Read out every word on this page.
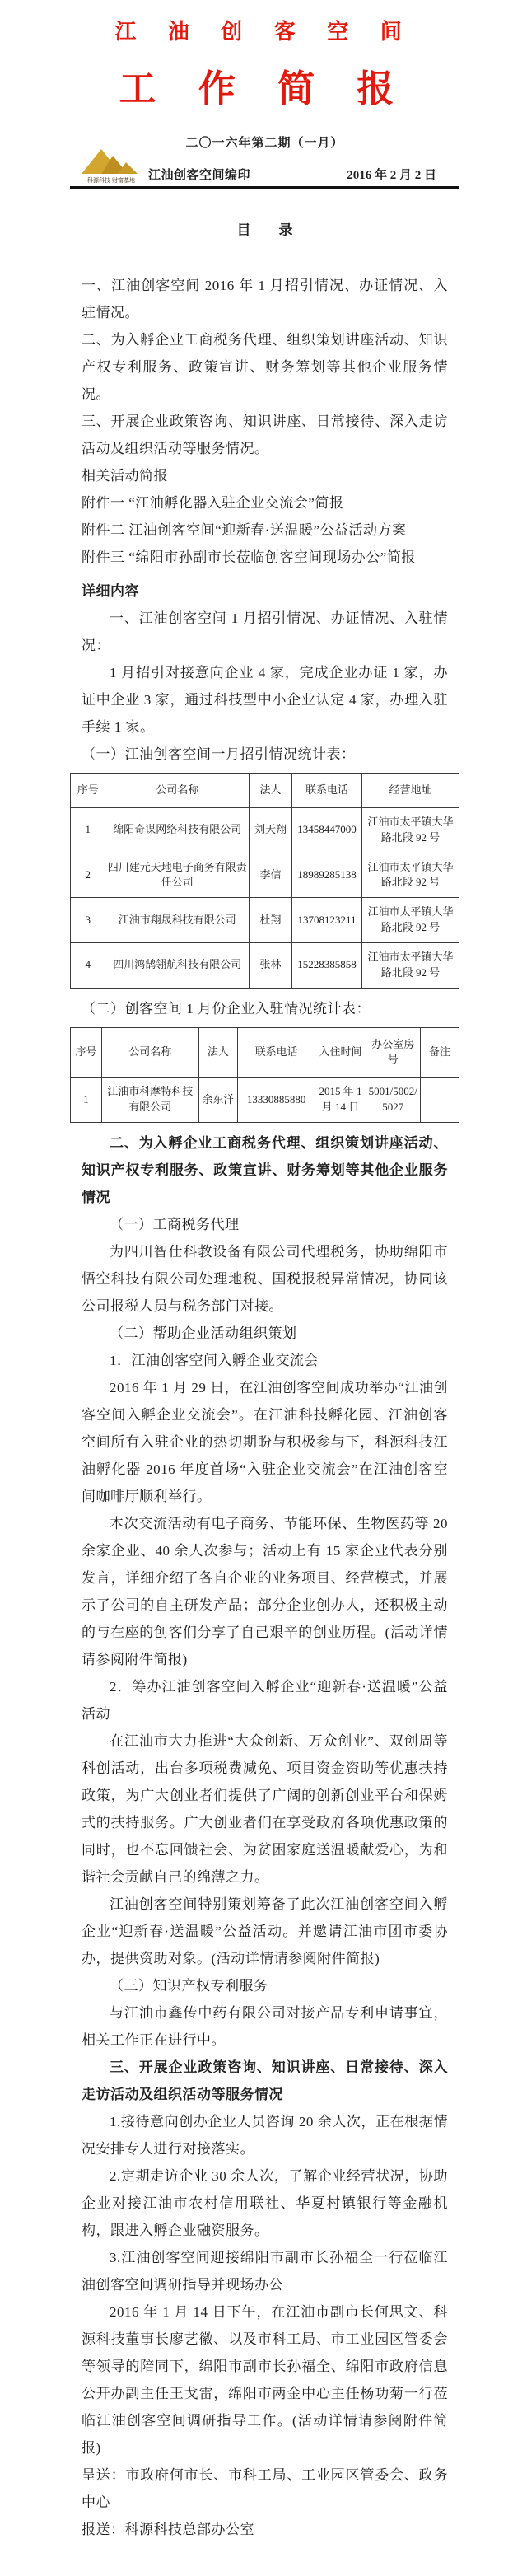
江 油 创 客 空 间
工 作 简 报
二〇一六年第二期（一月）
科源科技 财富基地	江油创客空间编印	2016 年 2 月 2 日
目　　录

一、江油创客空间 2016 年 1 月招引情况、办证情况、入驻情况。

二、为入孵企业工商税务代理、组织策划讲座活动、知识产权专利服务、政策宣讲、财务筹划等其他企业服务情况。

三、开展企业政策咨询、知识讲座、日常接待、深入走访活动及组织活动等服务情况。

相关活动简报

附件一 “江油孵化器入驻企业交流会”简报

附件二 江油创客空间“迎新春·送温暖”公益活动方案

附件三 “绵阳市孙副市长莅临创客空间现场办公”简报

详细内容

一、江油创客空间 1 月招引情况、办证情况、入驻情况：

1 月招引对接意向企业 4 家，完成企业办证 1 家，办证中企业 3 家，通过科技型中小企业认定 4 家，办理入驻手续 1 家。

（一）江油创客空间一月招引情况统计表：

序号	公司名称	法人	联系电话	经营地址
1	绵阳奇谋网络科技有限公司	刘天翔	13458447000	江油市太平镇大华路北段 92 号
2	四川建元天地电子商务有限责任公司	李信	18989285138	江油市太平镇大华路北段 92 号
3	江油市翔晟科技有限公司	杜翔	13708123211	江油市太平镇大华路北段 92 号
4	四川鸿鹄翎航科技有限公司	张林	15228385858	江油市太平镇大华路北段 92 号

（二）创客空间 1 月份企业入驻情况统计表：

序号	公司名称	法人	联系电话	入住时间	办公室房号	备注
1	江油市科摩特科技有限公司	余东洋	13330885880	2015 年 1 月 14 日	5001/5002/5027	

二、为入孵企业工商税务代理、组织策划讲座活动、知识产权专利服务、政策宣讲、财务筹划等其他企业服务情况

（一）工商税务代理

为四川智仕科教设备有限公司代理税务，协助绵阳市悟空科技有限公司处理地税、国税报税异常情况，协同该公司报税人员与税务部门对接。

（二）帮助企业活动组织策划

1．江油创客空间入孵企业交流会

2016 年 1 月 29 日，在江油创客空间成功举办“江油创客空间入孵企业交流会”。在江油科技孵化园、江油创客空间所有入驻企业的热切期盼与积极参与下，科源科技江油孵化器 2016 年度首场“入驻企业交流会”在江油创客空间咖啡厅顺利举行。

本次交流活动有电子商务、节能环保、生物医药等 20 余家企业、40 余人次参与；活动上有 15 家企业代表分别发言，详细介绍了各自企业的业务项目、经营模式，并展示了公司的自主研发产品；部分企业创办人，还积极主动的与在座的创客们分享了自己艰辛的创业历程。(活动详情请参阅附件简报)

2．筹办江油创客空间入孵企业“迎新春·送温暖”公益活动

在江油市大力推进“大众创新、万众创业”、双创周等科创活动，出台多项税费减免、项目资金资助等优惠扶持政策，为广大创业者们提供了广阔的创新创业平台和保姆式的扶持服务。广大创业者们在享受政府各项优惠政策的同时，也不忘回馈社会、为贫困家庭送温暖献爱心，为和谐社会贡献自己的绵薄之力。

江油创客空间特别策划筹备了此次江油创客空间入孵企业“迎新春·送温暖”公益活动。并邀请江油市团市委协办，提供资助对象。(活动详情请参阅附件简报)

（三）知识产权专利服务

与江油市鑫传中药有限公司对接产品专利申请事宜，相关工作正在进行中。

三、开展企业政策咨询、知识讲座、日常接待、深入走访活动及组织活动等服务情况

1.接待意向创办企业人员咨询 20 余人次，正在根据情况安排专人进行对接落实。

2.定期走访企业 30 余人次，了解企业经营状况，协助企业对接江油市农村信用联社、华夏村镇银行等金融机构，跟进入孵企业融资服务。

3.江油创客空间迎接绵阳市副市长孙福全一行莅临江油创客空间调研指导并现场办公

2016 年 1 月 14 日下午，在江油市副市长何思文、科源科技董事长廖艺徽、以及市科工局、市工业园区管委会等领导的陪同下，绵阳市副市长孙福全、绵阳市政府信息公开办副主任王戈雷，绵阳市两金中心主任杨功菊一行莅临江油创客空间调研指导工作。(活动详情请参阅附件简报)

呈送：市政府何市长、市科工局、工业园区管委会、政务中心

报送：科源科技总部办公室
